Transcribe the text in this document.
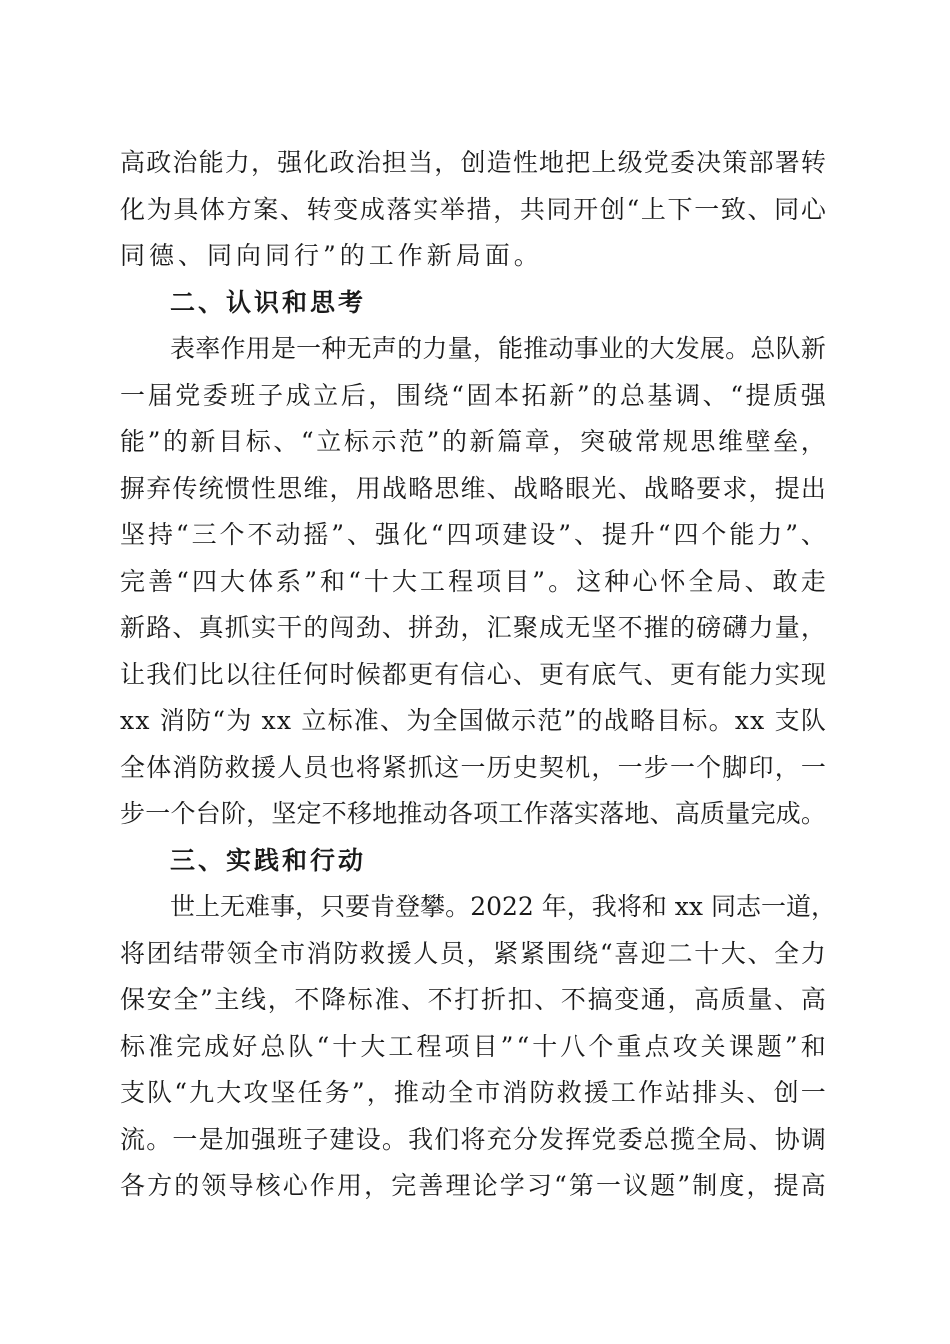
高 政 治 能 力 ， 强 化 政 治 担 当 ， 创 造 性 地 把 上 级 党 委 决 策 部 署 转
化 为 具 体 方 案 、 转 变 成 落 实 举 措 ， 共 同 开 创 “ 上 下 一 致 、 同 心
同德、同向同行”的工作新局面。
二、认识和思考
表 率 作 用 是 一 种 无 声 的 力 量 ， 能 推 动 事 业 的 大 发 展 。 总 队 新
一 届 党 委 班 子 成 立 后 ， 围 绕 “ 固 本 拓 新 ” 的 总 基 调 、 “ 提 质 强
能 ” 的 新 目 标 、 “ 立 标 示 范 ” 的 新 篇 章 ， 突 破 常 规 思 维 壁 垒 ，
摒 弃 传 统 惯 性 思 维 ， 用 战 略 思 维 、 战 略 眼 光 、 战 略 要 求 ， 提 出
坚 持 “ 三 个 不 动 摇 ” 、 强 化 “ 四 项 建 设 ” 、 提 升 “ 四 个 能 力 ” 、
完 善 “ 四 大 体 系 ” 和 “ 十 大 工 程 项 目 ” 。 这 种 心 怀 全 局 、 敢 走
新 路 、 真 抓 实 干 的 闯 劲 、 拼 劲 ， 汇 聚 成 无 坚 不 摧 的 磅 礴 力 量 ，
让 我 们 比 以 往 任 何 时 候 都 更 有 信 心 、 更 有 底 气 、 更 有 能 力 实 现
x x
消 防 “ 为
x x
立 标 准 、 为 全 国 做 示 范 ” 的 战 略 目 标 。 x x
支 队
全 体 消 防 救 援 人 员 也 将 紧 抓 这 一 历 史 契 机 ， 一 步 一 个 脚 印 ， 一
步 一 个 台 阶 ， 坚 定 不 移 地 推 动 各 项 工 作 落 实 落 地 、 高 质 量 完 成 。
三、实践和行动
世 上 无 难 事 ， 只 要 肯 登 攀 。 2 0 2 2
年 ， 我 将 和
x x
同 志 一 道 ，
将 团 结 带 领 全 市 消 防 救 援 人 员 ， 紧 紧 围 绕 “ 喜 迎 二 十 大 、 全 力
保 安 全 ” 主 线 ， 不 降 标 准 、 不 打 折 扣 、 不 搞 变 通 ， 高 质 量 、 高
标 准 完 成 好 总 队 “ 十 大 工 程 项 目 ” “ 十 八 个 重 点 攻 关 课 题 ” 和
支 队 “ 九 大 攻 坚 任 务 ” ， 推 动 全 市 消 防 救 援 工 作 站 排 头 、 创 一
流 。 一 是 加 强 班 子 建 设 。 我 们 将 充 分 发 挥 党 委 总 揽 全 局 、 协 调
各 方 的 领 导 核 心 作 用 ， 完 善 理 论 学 习 “ 第 一 议 题 ” 制 度 ， 提 高
